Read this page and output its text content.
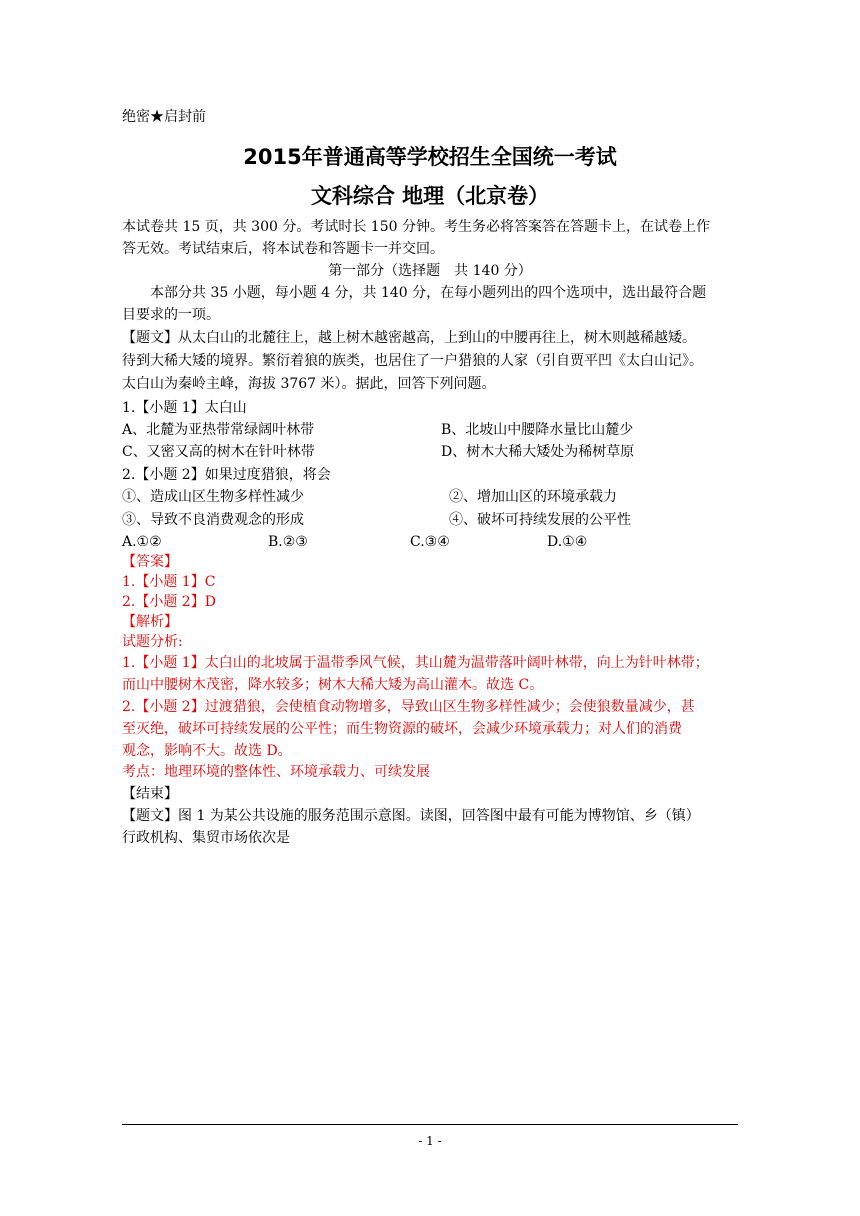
绝密★启封前
2015年普通高等学校招生全国统一考试
文科综合 地理（北京卷）
本试卷共 15 页，共 300 分。考试时长 150 分钟。考生务必将答案答在答题卡上，在试卷上作
答无效。考试结束后，将本试卷和答题卡一并交回。
第一部分（选择题　共 140 分）
本部分共 35 小题，每小题 4 分，共 140 分，在每小题列出的四个选项中，选出最符合题
目要求的一项。
【题文】从太白山的北麓往上，越上树木越密越高，上到山的中腰再往上，树木则越稀越矮。
待到大稀大矮的境界。繁衍着狼的族类，也居住了一户猎狼的人家（引自贾平凹《太白山记》。
太白山为秦岭主峰，海拔 3767 米）。据此，回答下列问题。
1.【小题 1】太白山
A、北麓为亚热带常绿阔叶林带	B、北坡山中腰降水量比山麓少
C、又密又高的树木在针叶林带	D、树木大稀大矮处为稀树草原
2.【小题 2】如果过度猎狼，将会
①、造成山区生物多样性减少	②、增加山区的环境承载力
③、导致不良消费观念的形成	④、破坏可持续发展的公平性
A.①②	B.②③	C.③④	D.①④
【答案】
1.【小题 1】C
2.【小题 2】D
【解析】
试题分析:
1.【小题 1】太白山的北坡属于温带季风气候，其山麓为温带落叶阔叶林带，向上为针叶林带；
而山中腰树木茂密，降水较多；树木大稀大矮为高山灌木。故选 C。
2.【小题 2】过渡猎狼，会使植食动物增多，导致山区生物多样性减少；会使狼数量减少，甚
至灭绝，破坏可持续发展的公平性；而生物资源的破坏，会减少环境承载力；对人们的消费
观念，影响不大。故选 D。
考点：地理环境的整体性、环境承载力、可续发展
【结束】
【题文】图 1 为某公共设施的服务范围示意图。读图，回答图中最有可能为博物馆、乡（镇）
行政机构、集贸市场依次是
- 1 -
